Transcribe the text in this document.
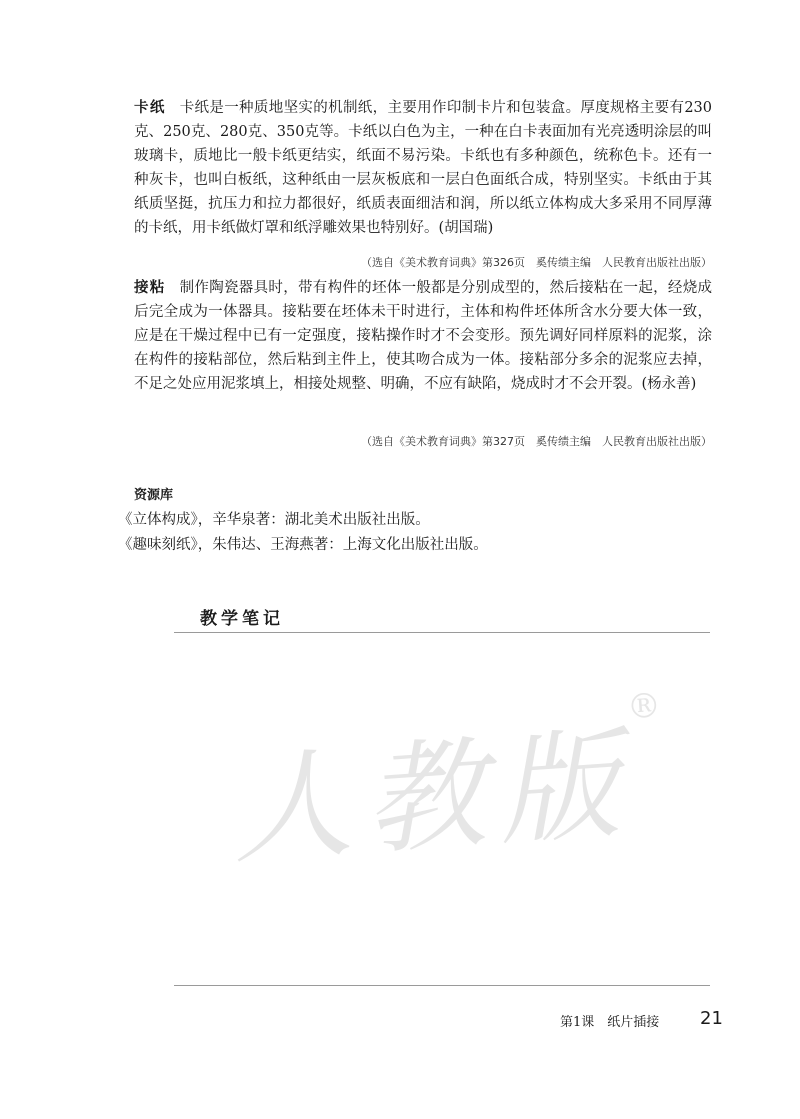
卡纸 卡纸是一种质地坚实的机制纸，主要用作印制卡片和包装盒。厚度规格主要有230克、250克、280克、350克等。卡纸以白色为主，一种在白卡表面加有光亮透明涂层的叫玻璃卡，质地比一般卡纸更结实，纸面不易污染。卡纸也有多种颜色，统称色卡。还有一种灰卡，也叫白板纸，这种纸由一层灰板底和一层白色面纸合成，特别坚实。卡纸由于其纸质坚挺，抗压力和拉力都很好，纸质表面细洁和润，所以纸立体构成大多采用不同厚薄的卡纸，用卡纸做灯罩和纸浮雕效果也特别好。(胡国瑞)

（选自《美术教育词典》第326页　奚传绩主编　人民教育出版社出版）

接粘 制作陶瓷器具时，带有构件的坯体一般都是分别成型的，然后接粘在一起，经烧成后完全成为一体器具。接粘要在坯体未干时进行，主体和构件坯体所含水分要大体一致，应是在干燥过程中已有一定强度，接粘操作时才不会变形。预先调好同样原料的泥浆，涂在构件的接粘部位，然后粘到主件上，使其吻合成为一体。接粘部分多余的泥浆应去掉，不足之处应用泥浆填上，相接处规整、明确，不应有缺陷，烧成时才不会开裂。(杨永善)

（选自《美术教育词典》第327页　奚传绩主编　人民教育出版社出版）
资源库
《立体构成》，辛华泉著：湖北美术出版社出版。
《趣味刻纸》，朱伟达、王海燕著：上海文化出版社出版。
教学笔记
人教版®
第1课　纸片插接 21
